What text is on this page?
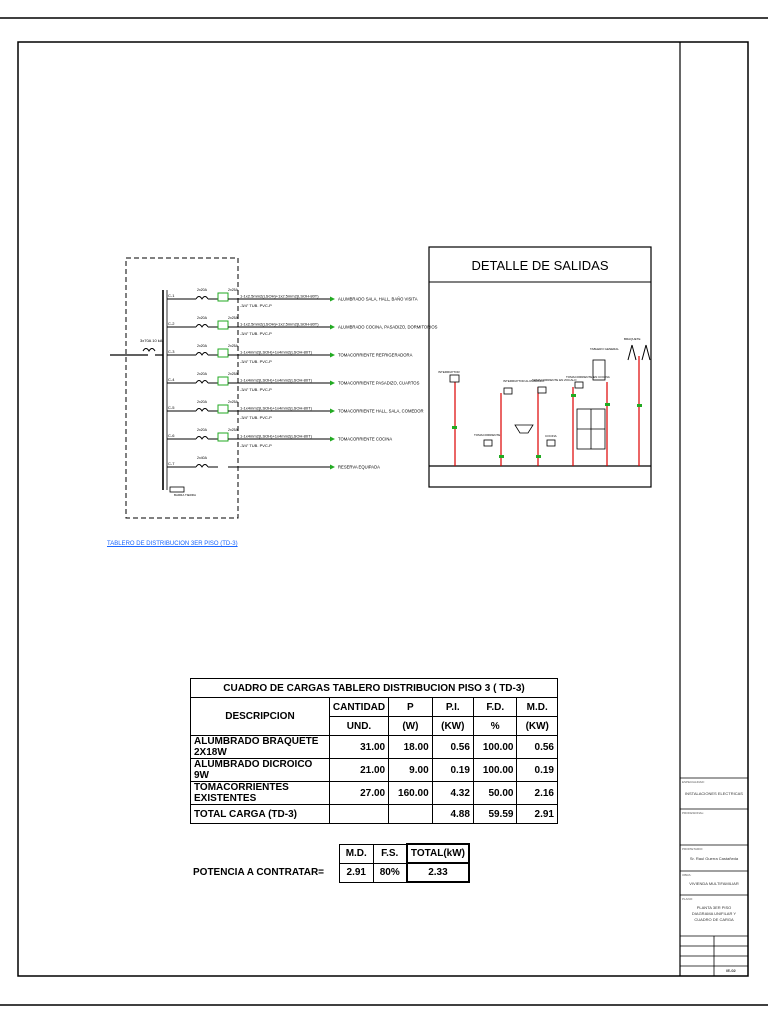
C-1
2x20A	2x25A
1-1x2.5mm2(LSOH)+1x2.5mm2(LSOH-80T)
-3/4" TUB. PVC-P
ALUMBRADO SALA, HALL, BAÑO VISITA
C-2
2x20A	2x25A
1-1x2.5mm2(LSOH)+1x2.5mm2(LSOH-80T)
-3/4" TUB. PVC-P
ALUMBRADO COCINA, PASADIZO, DORMITORIOS
C-3
2x20A	2x25A
1-1x4mm2(LSOH)+1x4mm2(LSOH-80T)
-3/4" TUB. PVC-P
TOMACORRIENTE REFRIGERADORA
C-4
2x20A	2x25A
1-1x4mm2(LSOH)+1x4mm2(LSOH-80T)
-3/4" TUB. PVC-P
TOMACORRIENTE PASADIZO, CUARTOS
C-5
2x20A	2x25A
1-1x4mm2(LSOH)+1x4mm2(LSOH-80T)
-3/4" TUB. PVC-P
TOMACORRIENTE HALL, SALA, COMEDOR
C-6
2x20A	2x25A
1-1x4mm2(LSOH)+1x4mm2(LSOH-80T)
-3/4" TUB. PVC-P
TOMACORRIENTE COCINA
C-7
2x40A
RESERVA EQUIPADA
3x70A 10 kA
BARRA TIERRA
DETALLE DE SALIDAS
INTERRUPTOR
TOMACORRIENTE
INTERRUPTOR ALUMBRADO
TOMACORRIENTE EN ZOCALO
COCINA
TOMACORRIENTE EN COCINA
TABLERO GENERAL
BRAQUETE
TABLERO DE DISTRIBUCION 3ER PISO (TD-3)
CUADRO DE CARGAS TABLERO DISTRIBUCION PISO 3 ( TD-3)					
DESCRIPCION	CANTIDAD	P	P.I.	F.D.	M.D.
	UND.	(W)	(KW)	%	(KW)
ALUMBRADO BRAQUETE 2X18W	31.00	18.00	0.56	100.00	0.56
ALUMBRADO DICROICO 9W	21.00	9.00	0.19	100.00	0.19
TOMACORRIENTES EXISTENTES	27.00	160.00	4.32	50.00	2.16
TOTAL CARGA (TD-3)			4.88	59.59	2.91
POTENCIA A CONTRATAR=
M.D.	F.S.	TOTAL(kW)
2.91	80%	2.33
ESPECIALIDAD:
INSTALACIONES ELECTRICAS
PROFESIONAL:
PROPIETARIO:
Sr. Raul Guerra Castañeda
OBRA:
VIVIENDA MULTIFAMILIAR
PLANO:
PLANTA 3ER PISO
DIAGRAMA UNIFILAR Y
CUADRO DE CARGA
IE-02
